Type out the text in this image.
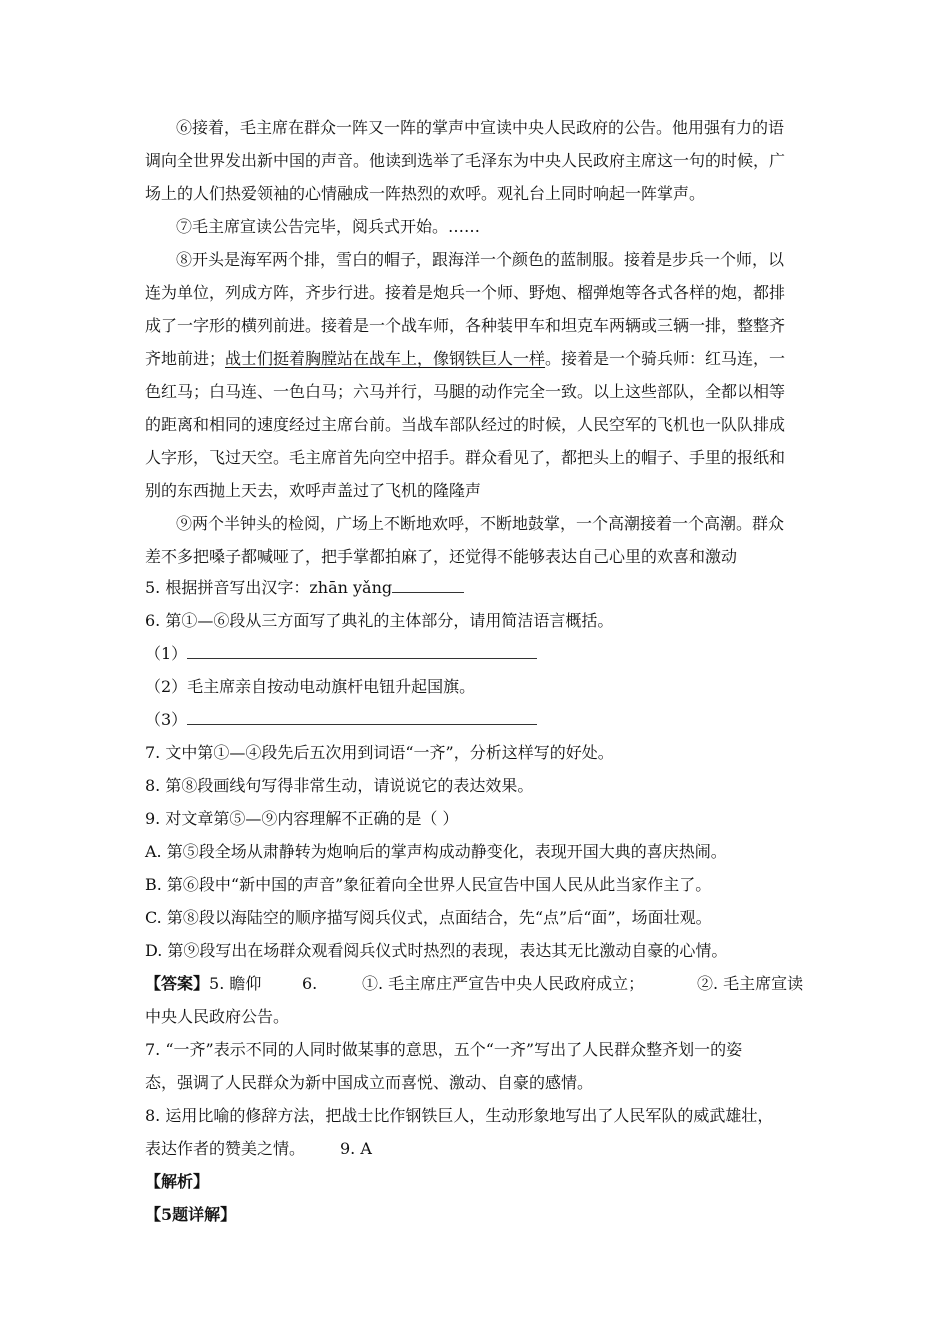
⑥接着，毛主席在群众一阵又一阵的掌声中宣读中央人民政府的公告。他用强有力的语
调向全世界发出新中国的声音。他读到选举了毛泽东为中央人民政府主席这一句的时候，广
场上的人们热爱领袖的心情融成一阵热烈的欢呼。观礼台上同时响起一阵掌声。
⑦毛主席宣读公告完毕，阅兵式开始。……
⑧开头是海军两个排，雪白的帽子，跟海洋一个颜色的蓝制服。接着是步兵一个师，以
连为单位，列成方阵，齐步行进。接着是炮兵一个师、野炮、榴弹炮等各式各样的炮，都排
成了一字形的横列前进。接着是一个战车师，各种装甲车和坦克车两辆或三辆一排，整整齐
齐地前进；战士们挺着胸膛站在战车上，像钢铁巨人一样。接着是一个骑兵师：红马连，一
色红马；白马连、一色白马；六马并行，马腿的动作完全一致。以上这些部队，全都以相等
的距离和相同的速度经过主席台前。当战车部队经过的时候，人民空军的飞机也一队队排成
人字形，飞过天空。毛主席首先向空中招手。群众看见了，都把头上的帽子、手里的报纸和
别的东西抛上天去，欢呼声盖过了飞机的隆隆声
⑨两个半钟头的检阅，广场上不断地欢呼，不断地鼓掌，一个高潮接着一个高潮。群众
差不多把嗓子都喊哑了，把手掌都拍麻了，还觉得不能够表达自己心里的欢喜和激动
5. 根据拼音写出汉字：zhān yǎng
6. 第①—⑥段从三方面写了典礼的主体部分，请用简洁语言概括。
（1）
（2）毛主席亲自按动电动旗杆电钮升起国旗。
（3）
7. 文中第①—④段先后五次用到词语“一齐”，分析这样写的好处。
8. 第⑧段画线句写得非常生动，请说说它的表达效果。
9. 对文章第⑤—⑨内容理解不正确的是（ ）
A. 第⑤段全场从肃静转为炮响后的掌声构成动静变化，表现开国大典的喜庆热闹。
B. 第⑥段中“新中国的声音”象征着向全世界人民宣告中国人民从此当家作主了。
C. 第⑧段以海陆空的顺序描写阅兵仪式，点面结合，先“点”后“面”，场面壮观。
D. 第⑨段写出在场群众观看阅兵仪式时热烈的表现，表达其无比激动自豪的心情。
【答案】5. 瞻仰	6.	①. 毛主席庄严宣告中央人民政府成立；	②. 毛主席宣读
中央人民政府公告。
7. “一齐”表示不同的人同时做某事的意思，五个“一齐”写出了人民群众整齐划一的姿
态，强调了人民群众为新中国成立而喜悦、激动、自豪的感情。
8. 运用比喻的修辞方法，把战士比作钢铁巨人，生动形象地写出了人民军队的威武雄壮，
表达作者的赞美之情。 9. A
【解析】
【5题详解】
